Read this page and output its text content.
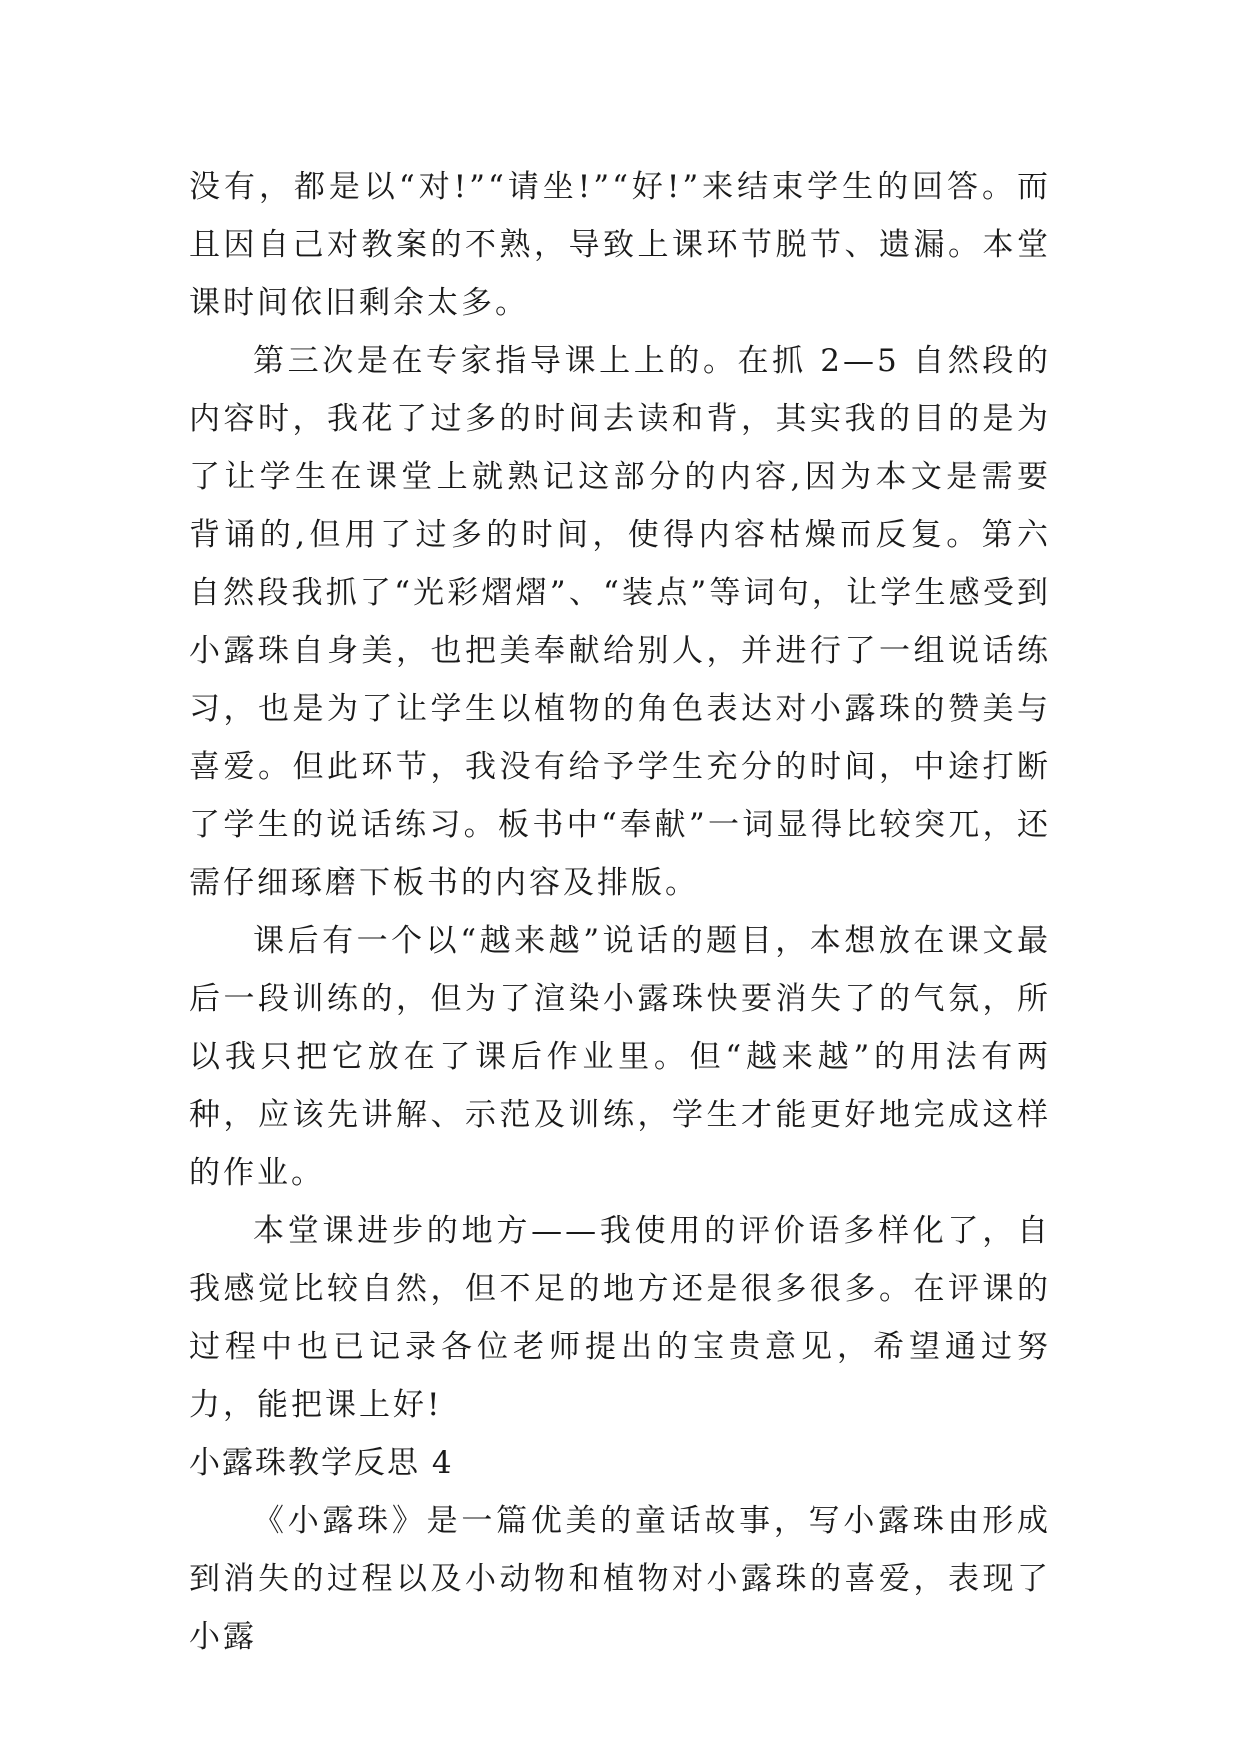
没有，都是以“对!”“请坐!”“好!”来结束学生的回答。而且因自己对教案的不熟，导致上课环节脱节、遗漏。本堂课时间依旧剩余太多。

第三次是在专家指导课上上的。在抓 2—5 自然段的内容时，我花了过多的时间去读和背，其实我的目的是为了让学生在课堂上就熟记这部分的内容,因为本文是需要背诵的,但用了过多的时间，使得内容枯燥而反复。第六自然段我抓了“光彩熠熠”、“装点”等词句，让学生感受到小露珠自身美，也把美奉献给别人，并进行了一组说话练习，也是为了让学生以植物的角色表达对小露珠的赞美与喜爱。但此环节，我没有给予学生充分的时间，中途打断了学生的说话练习。板书中“奉献”一词显得比较突兀，还需仔细琢磨下板书的内容及排版。

课后有一个以“越来越”说话的题目，本想放在课文最后一段训练的，但为了渲染小露珠快要消失了的气氛，所以我只把它放在了课后作业里。但“越来越”的用法有两种，应该先讲解、示范及训练，学生才能更好地完成这样的作业。

本堂课进步的地方——我使用的评价语多样化了，自我感觉比较自然，但不足的地方还是很多很多。在评课的过程中也已记录各位老师提出的宝贵意见，希望通过努力，能把课上好!

小露珠教学反思 4

《小露珠》是一篇优美的童话故事，写小露珠由形成到消失的过程以及小动物和植物对小露珠的喜爱，表现了小露
